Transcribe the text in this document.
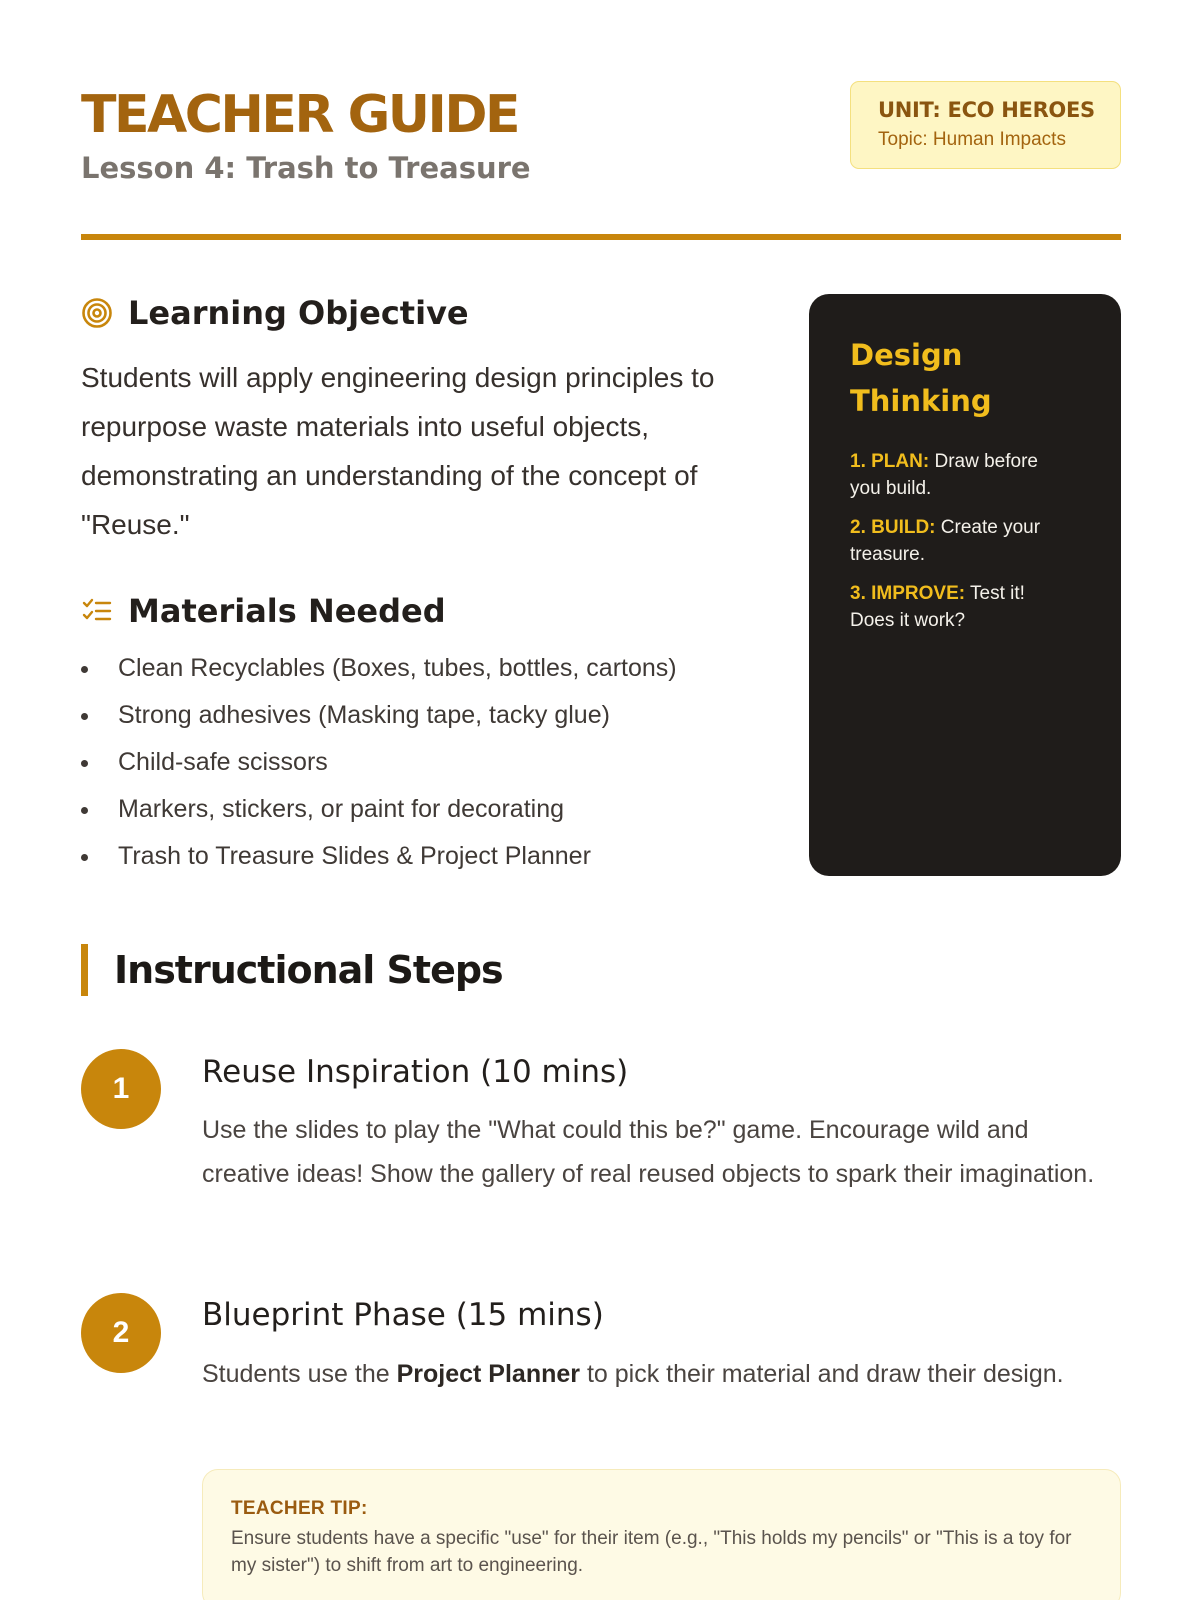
TEACHER GUIDE
Lesson 4: Trash to Treasure
UNIT: ECO HEROES
Topic: Human Impacts
Learning Objective

Students will apply engineering design principles to repurpose waste materials into useful objects, demonstrating an understanding of the concept of "Reuse."

Materials Needed
Clean Recyclables (Boxes, tubes, bottles, cartons)
Strong adhesives (Masking tape, tacky glue)
Child-safe scissors
Markers, stickers, or paint for decorating
Trash to Treasure Slides & Project Planner
Design Thinking
1. PLAN: Draw before you build.
2. BUILD: Create your treasure.
3. IMPROVE: Test it! Does it work?
Instructional Steps
1	Reuse Inspiration (10 mins)

Use the slides to play the "What could this be?" game. Encourage wild and creative ideas! Show the gallery of real reused objects to spark their imagination.

2	Blueprint Phase (15 mins)

Students use the Project Planner to pick their material and draw their design.

TEACHER TIP:
Ensure students have a specific "use" for their item (e.g., "This holds my pencils" or "This is a toy for my sister") to shift from art to engineering.
